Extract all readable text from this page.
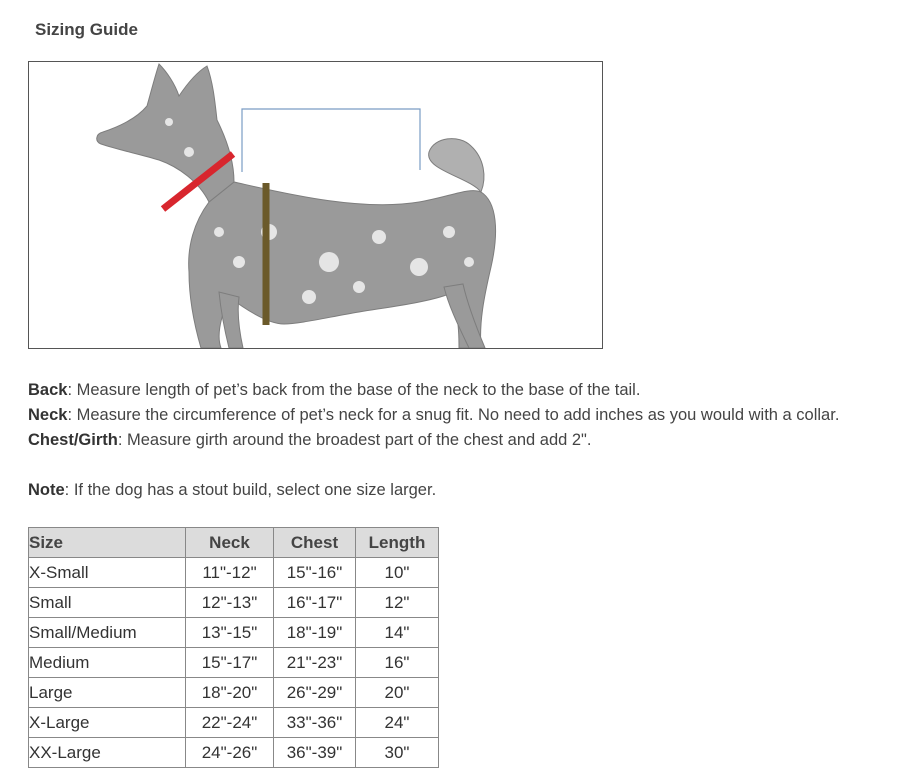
Sizing Guide
Back: Measure length of pet’s back from the base of the neck to the base of the tail.
Neck: Measure the circumference of pet’s neck for a snug fit. No need to add inches as you would with a collar.
Chest/Girth: Measure girth around the broadest part of the chest and add 2".
Note: If the dog has a stout build, select one size larger.
Size	Neck	Chest	Length
X-Small	11"-12"	15"-16"	10"
Small	12"-13"	16"-17"	12"
Small/Medium	13"-15"	18"-19"	14"
Medium	15"-17"	21"-23"	16"
Large	18"-20"	26"-29"	20"
X-Large	22"-24"	33"-36"	24"
XX-Large	24"-26"	36"-39"	30"
